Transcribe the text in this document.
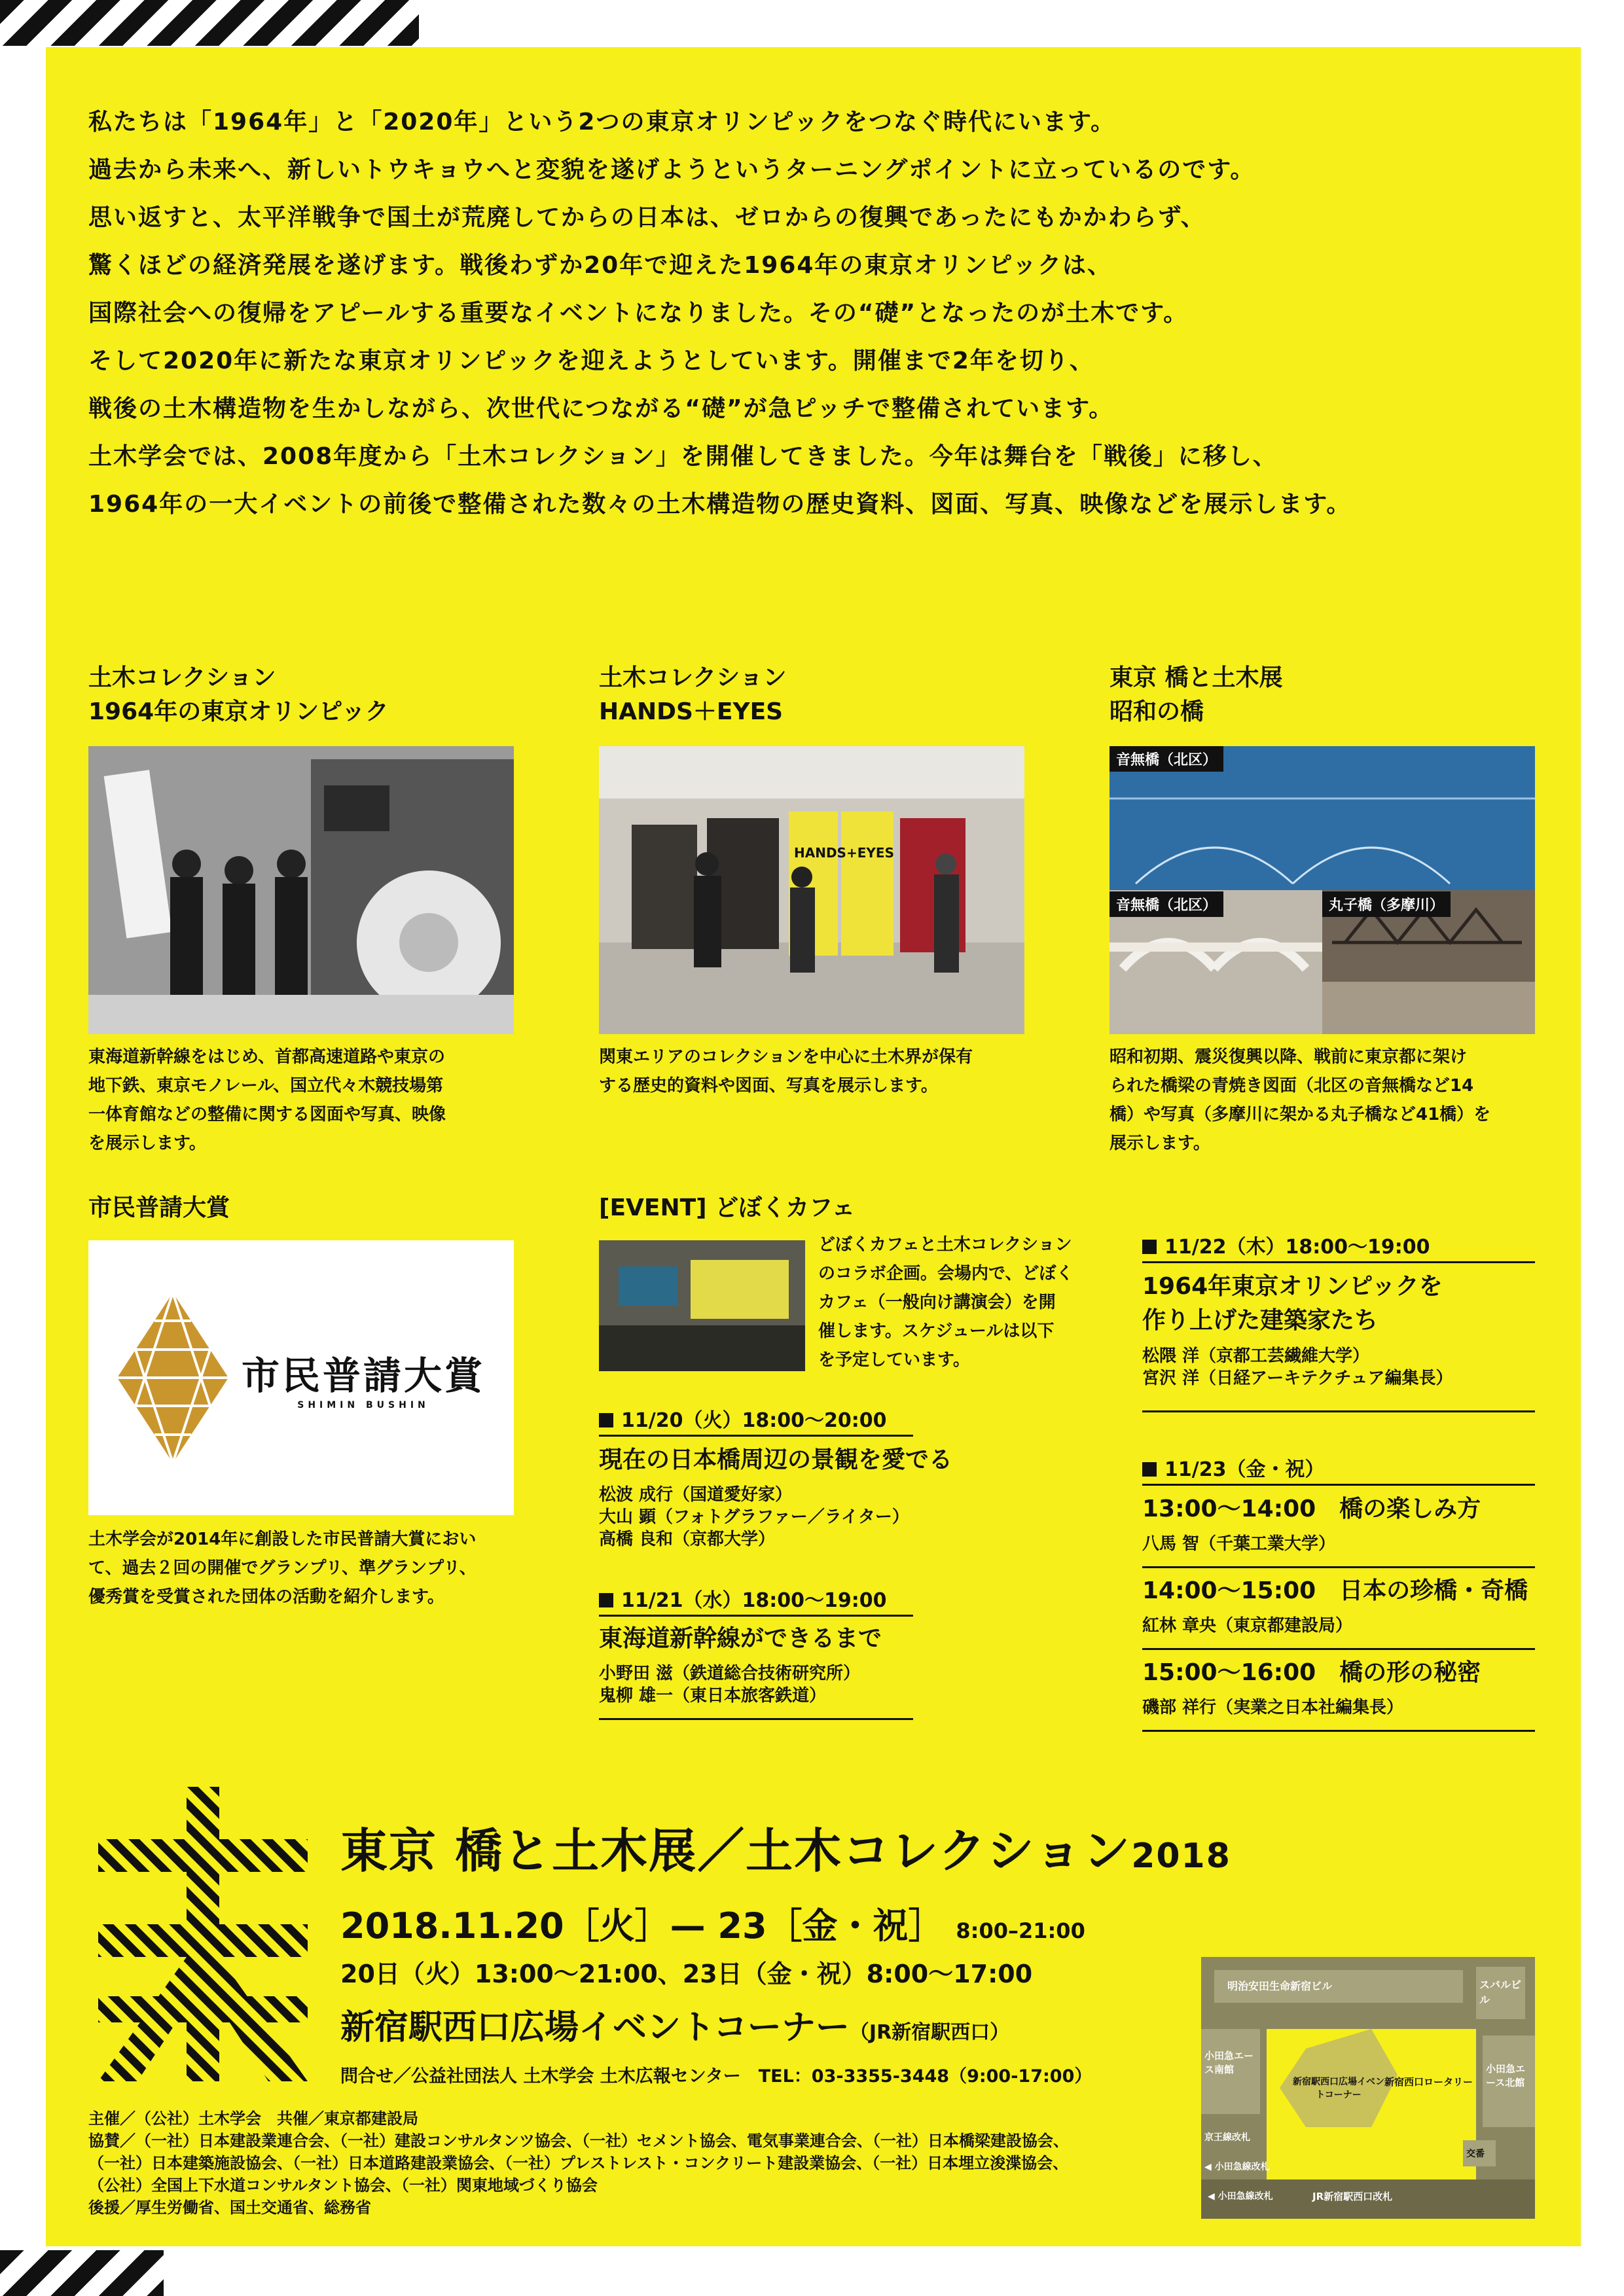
私たちは「1964年」と「2020年」という2つの東京オリンピックをつなぐ時代にいます。

過去から未来へ、新しいトウキョウへと変貌を遂げようというターニングポイントに立っているのです。

思い返すと、太平洋戦争で国土が荒廃してからの日本は、ゼロからの復興であったにもかかわらず、

驚くほどの経済発展を遂げます。戦後わずか20年で迎えた1964年の東京オリンピックは、

国際社会への復帰をアピールする重要なイベントになりました。その“礎”となったのが土木です。

そして2020年に新たな東京オリンピックを迎えようとしています。開催まで2年を切り、

戦後の土木構造物を生かしながら、次世代につながる“礎”が急ピッチで整備されています。

土木学会では、2008年度から「土木コレクション」を開催してきました。今年は舞台を「戦後」に移し、

1964年の一大イベントの前後で整備された数々の土木構造物の歴史資料、図面、写真、映像などを展示します。

土木コレクション
1964年の東京オリンピック
東海道新幹線をはじめ、首都高速道路や東京の
地下鉄、東京モノレール、国立代々木競技場第
一体育館などの整備に関する図面や写真、映像
を展示します。
土木コレクション
HANDS＋EYES
HANDS +EYES
関東エリアのコレクションを中心に土木界が保有
する歴史的資料や図面、写真を展示します。
東京 橋と土木展
昭和の橋
音無橋（北区）
音無橋（北区）	丸子橋（多摩川）
昭和初期、震災復興以降、戦前に東京都に架け
られた橋梁の青焼き図面（北区の音無橋など14
橋）や写真（多摩川に架かる丸子橋など41橋）を
展示します。
市民普請大賞
市民普請大賞
SHIMIN BUSHIN
土木学会が2014年に創設した市民普請大賞におい
て、過去２回の開催でグランプリ、準グランプリ、
優秀賞を受賞された団体の活動を紹介します。
[EVENT] どぼくカフェ
どぼくカフェと土木コレクション
のコラボ企画。会場内で、どぼく
カフェ（一般向け講演会）を開
催します。スケジュールは以下
を予定しています。
11/20（火）18:00～20:00
現在の日本橋周辺の景観を愛でる
松波 成行（国道愛好家）
大山 顕（フォトグラファー／ライター）
高橋 良和（京都大学）
11/21（水）18:00～19:00
東海道新幹線ができるまで
小野田 滋（鉄道総合技術研究所）
鬼柳 雄一（東日本旅客鉄道）
11/22（木）18:00～19:00
1964年東京オリンピックを
作り上げた建築家たち
松隈 洋（京都工芸繊維大学）
宮沢 洋（日経アーキテクチュア編集長）
11/23（金・祝）
13:00～14:00　橋の楽しみ方
八馬 智（千葉工業大学）
14:00～15:00　日本の珍橋・奇橋
紅林 章央（東京都建設局）
15:00～16:00　橋の形の秘密
磯部 祥行（実業之日本社編集長）
東京 橋と土木展／土木コレクション2018
2018.11.20［火］— 23［金・祝］ 8:00–21:00
20日（火）13:00～21:00、23日（金・祝）8:00～17:00
新宿駅西口広場イベントコーナー（JR新宿駅西口）
問合せ／公益社団法人 土木学会 土木広報センター　TEL：03-3355-3448（9:00-17:00）
主催／（公社）土木学会　共催／東京都建設局
協賛／（一社）日本建設業連合会、（一社）建設コンサルタンツ協会、（一社）セメント協会、電気事業連合会、（一社）日本橋梁建設協会、
（一社）日本建築施設協会、（一社）日本道路建設業協会、（一社）プレストレスト・コンクリート建設業協会、（一社）日本埋立浚渫協会、
（公社）全国上下水道コンサルタント協会、（一社）関東地域づくり協会
後援／厚生労働省、国土交通省、総務省
明治安田生命新宿ビル	スバルビル
小田急エース南館
新宿駅西口広場イベントコーナー
新宿西口ロータリー
小田急エース北館
京王線改札
◀ 小田急線改札
交番
JR新宿駅西口改札
◀ 小田急線改札
